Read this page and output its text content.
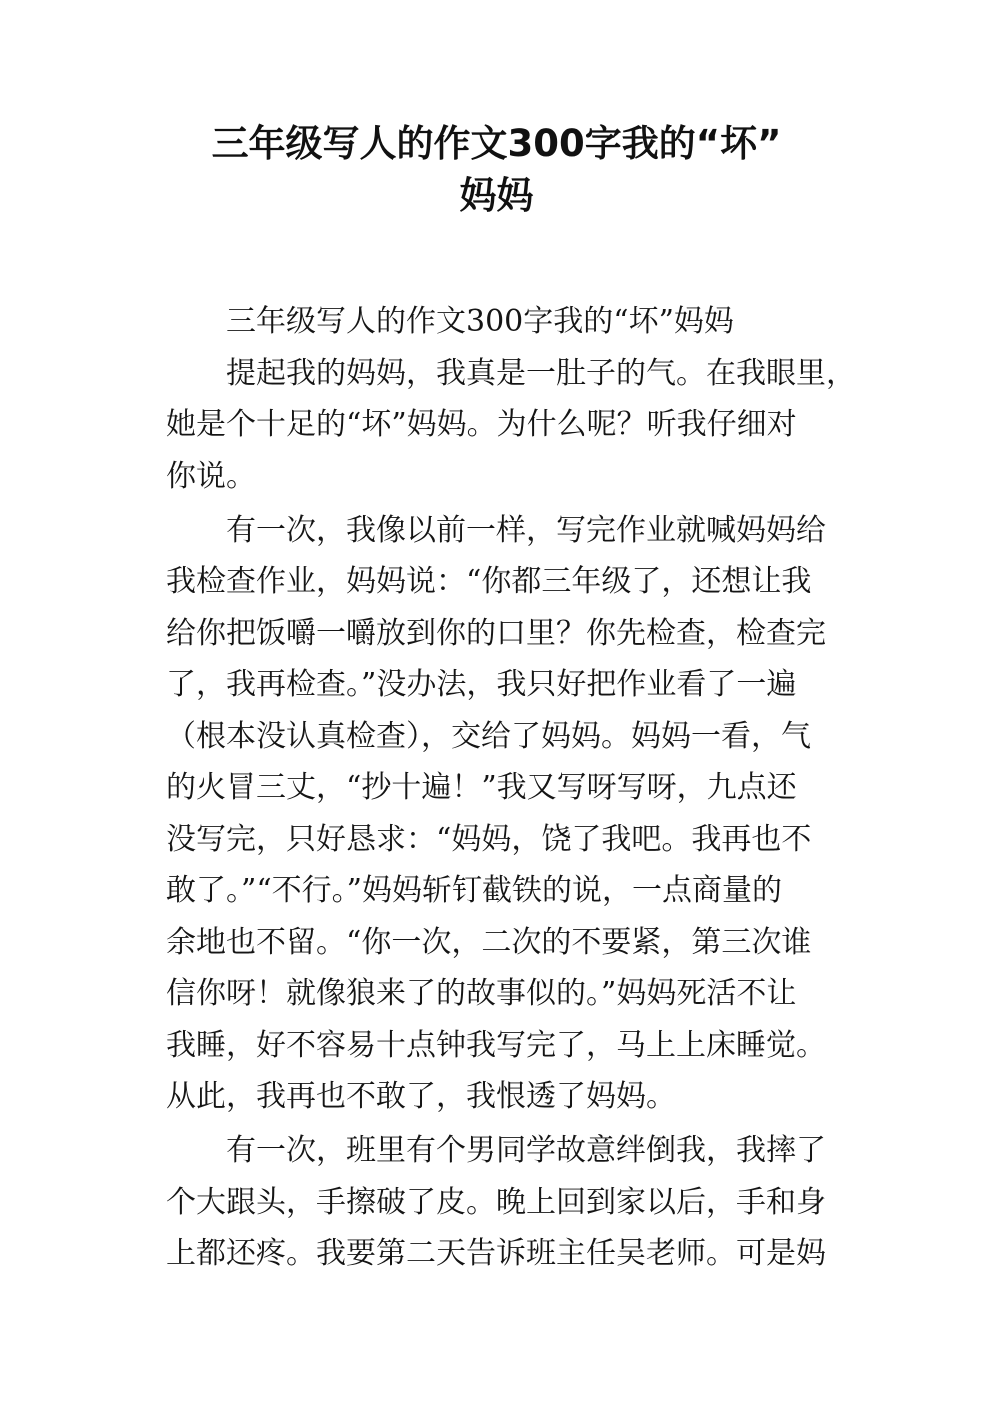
三年级写人的作文300字我的“坏”
妈妈
三年级写人的作文300字我的“坏”妈妈
提起我的妈妈，我真是一肚子的气。在我眼里，
她是个十足的“坏”妈妈。为什么呢？听我仔细对
你说。
有一次，我像以前一样，写完作业就喊妈妈给
我检查作业，妈妈说：“你都三年级了，还想让我
给你把饭嚼一嚼放到你的口里？你先检查，检查完
了，我再检查。”没办法，我只好把作业看了一遍
（根本没认真检查），交给了妈妈。妈妈一看，气
的火冒三丈，“抄十遍！”我又写呀写呀，九点还
没写完，只好恳求：“妈妈，饶了我吧。我再也不
敢了。”“不行。”妈妈斩钉截铁的说，一点商量的
余地也不留。“你一次，二次的不要紧，第三次谁
信你呀！就像狼来了的故事似的。”妈妈死活不让
我睡，好不容易十点钟我写完了，马上上床睡觉。
从此，我再也不敢了，我恨透了妈妈。
有一次，班里有个男同学故意绊倒我，我摔了
个大跟头，手擦破了皮。晚上回到家以后，手和身
上都还疼。我要第二天告诉班主任吴老师。可是妈
